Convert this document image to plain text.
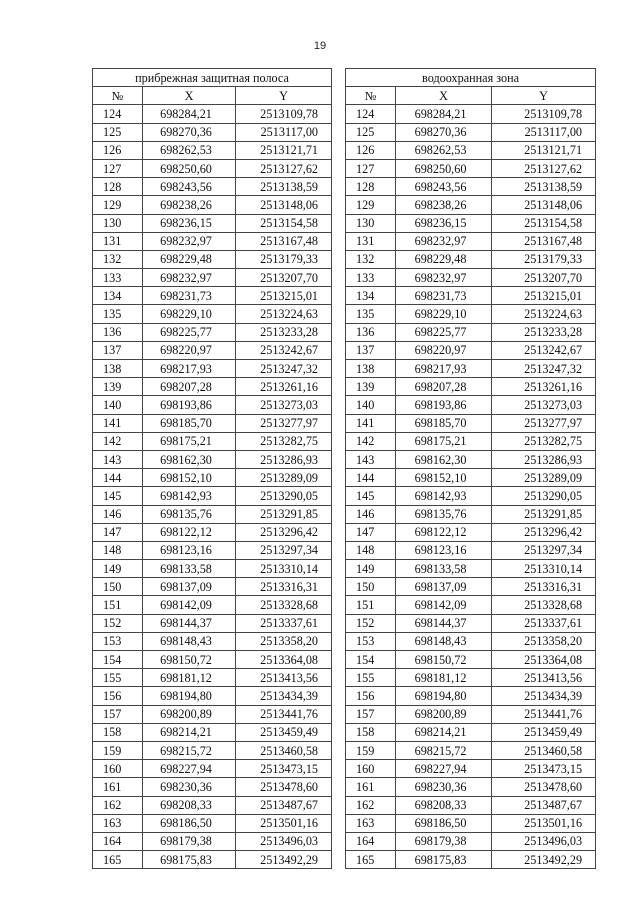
19
прибрежная защитная полоса				водоохранная зона		
№	X	Y		№	X	Y
124	698284,21	2513109,78		124	698284,21	2513109,78
125	698270,36	2513117,00		125	698270,36	2513117,00
126	698262,53	2513121,71		126	698262,53	2513121,71
127	698250,60	2513127,62		127	698250,60	2513127,62
128	698243,56	2513138,59		128	698243,56	2513138,59
129	698238,26	2513148,06		129	698238,26	2513148,06
130	698236,15	2513154,58		130	698236,15	2513154,58
131	698232,97	2513167,48		131	698232,97	2513167,48
132	698229,48	2513179,33		132	698229,48	2513179,33
133	698232,97	2513207,70		133	698232,97	2513207,70
134	698231,73	2513215,01		134	698231,73	2513215,01
135	698229,10	2513224,63		135	698229,10	2513224,63
136	698225,77	2513233,28		136	698225,77	2513233,28
137	698220,97	2513242,67		137	698220,97	2513242,67
138	698217,93	2513247,32		138	698217,93	2513247,32
139	698207,28	2513261,16		139	698207,28	2513261,16
140	698193,86	2513273,03		140	698193,86	2513273,03
141	698185,70	2513277,97		141	698185,70	2513277,97
142	698175,21	2513282,75		142	698175,21	2513282,75
143	698162,30	2513286,93		143	698162,30	2513286,93
144	698152,10	2513289,09		144	698152,10	2513289,09
145	698142,93	2513290,05		145	698142,93	2513290,05
146	698135,76	2513291,85		146	698135,76	2513291,85
147	698122,12	2513296,42		147	698122,12	2513296,42
148	698123,16	2513297,34		148	698123,16	2513297,34
149	698133,58	2513310,14		149	698133,58	2513310,14
150	698137,09	2513316,31		150	698137,09	2513316,31
151	698142,09	2513328,68		151	698142,09	2513328,68
152	698144,37	2513337,61		152	698144,37	2513337,61
153	698148,43	2513358,20		153	698148,43	2513358,20
154	698150,72	2513364,08		154	698150,72	2513364,08
155	698181,12	2513413,56		155	698181,12	2513413,56
156	698194,80	2513434,39		156	698194,80	2513434,39
157	698200,89	2513441,76		157	698200,89	2513441,76
158	698214,21	2513459,49		158	698214,21	2513459,49
159	698215,72	2513460,58		159	698215,72	2513460,58
160	698227,94	2513473,15		160	698227,94	2513473,15
161	698230,36	2513478,60		161	698230,36	2513478,60
162	698208,33	2513487,67		162	698208,33	2513487,67
163	698186,50	2513501,16		163	698186,50	2513501,16
164	698179,38	2513496,03		164	698179,38	2513496,03
165	698175,83	2513492,29		165	698175,83	2513492,29
